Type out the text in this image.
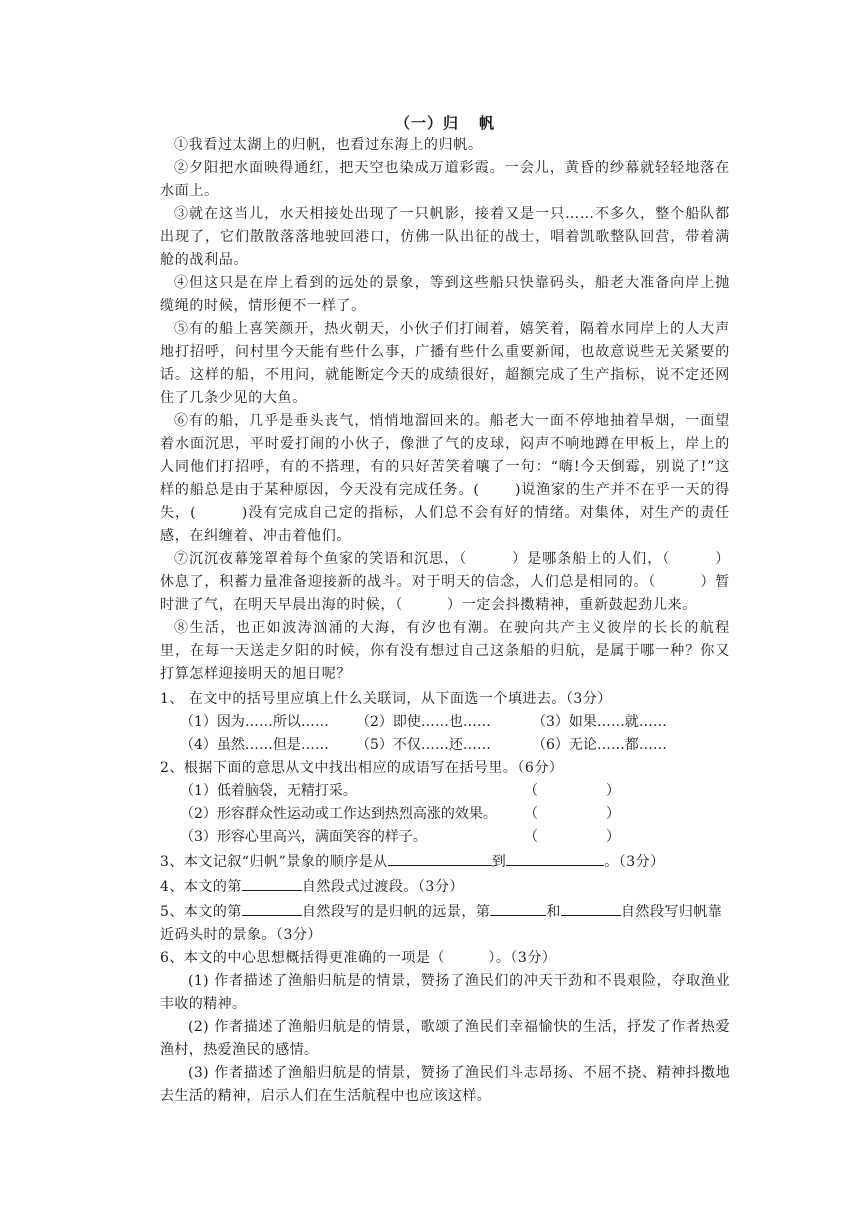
（一）归 帆

①我看过太湖上的归帆，也看过东海上的归帆。

②夕阳把水面映得通红，把天空也染成万道彩霞。一会儿，黄昏的纱幕就轻轻地落在水面上。

③就在这当儿，水天相接处出现了一只帆影，接着又是一只……不多久，整个船队都出现了，它们散散落落地驶回港口，仿佛一队出征的战士，唱着凯歌整队回营，带着满舱的战利品。

④但这只是在岸上看到的远处的景象，等到这些船只快靠码头，船老大准备向岸上抛缆绳的时候，情形便不一样了。

⑤有的船上喜笑颜开，热火朝天，小伙子们打闹着，嬉笑着，隔着水同岸上的人大声地打招呼，问村里今天能有些什么事，广播有些什么重要新闻，也故意说些无关紧要的话。这样的船，不用问，就能断定今天的成绩很好，超额完成了生产指标，说不定还网住了几条少见的大鱼。

⑥有的船，几乎是垂头丧气，悄悄地溜回来的。船老大一面不停地抽着旱烟，一面望着水面沉思，平时爱打闹的小伙子，像泄了气的皮球，闷声不响地蹲在甲板上，岸上的人同他们打招呼，有的不搭理，有的只好苦笑着嚷了一句：“嗨!今天倒霉，别说了!”这样的船总是由于某种原因，今天没有完成任务。(　　 )说渔家的生产并不在乎一天的得失，(　　　)没有完成自己定的指标，人们总不会有好的情绪。对集体，对生产的责任感，在纠缠着、冲击着他们。

⑦沉沉夜幕笼罩着每个鱼家的笑语和沉思，（　　　）是哪条船上的人们，（　　　）休息了，积蓄力量准备迎接新的战斗。对于明天的信念，人们总是相同的。（　　　）暂时泄了气，在明天早晨出海的时候，（　　　）一定会抖擞精神，重新鼓起劲儿来。

⑧生活，也正如波涛汹涌的大海，有汐也有潮。在驶向共产主义彼岸的长长的航程里，在每一天送走夕阳的时候，你有没有想过自己这条船的归航，是属于哪一种？你又打算怎样迎接明天的旭日呢？

1、 在文中的括号里应填上什么关联词，从下面选一个填进去。（3分）

（1）因为……所以……	（2）即使……也……	（3）如果……就……
（4）虽然……但是……	（5）不仅……还……	（6）无论……都……

2、根据下面的意思从文中找出相应的成语写在括号里。（6分）

（1）低着脑袋，无精打采。	（	）
（2）形容群众性运动或工作达到热烈高涨的效果。	（	）
（3）形容心里高兴，满面笑容的样子。	（	）

3、本文记叙“归帆”景象的顺序是从	到	。（3分）

4、本文的第	自然段式过渡段。（3分）

5、本文的第	自然段写的是归帆的远景，第	和	自然段写归帆靠近码头时的景象。（3分）

6、本文的中心思想概括得更准确的一项是（　　　）。（3分）

(1) 作者描述了渔船归航是的情景，赞扬了渔民们的冲天干劲和不畏艰险，夺取渔业丰收的精神。

(2) 作者描述了渔船归航是的情景，歌颂了渔民们幸福愉快的生活，抒发了作者热爱渔村，热爱渔民的感情。

(3) 作者描述了渔船归航是的情景，赞扬了渔民们斗志昂扬、不屈不挠、精神抖擞地去生活的精神，启示人们在生活航程中也应该这样。
